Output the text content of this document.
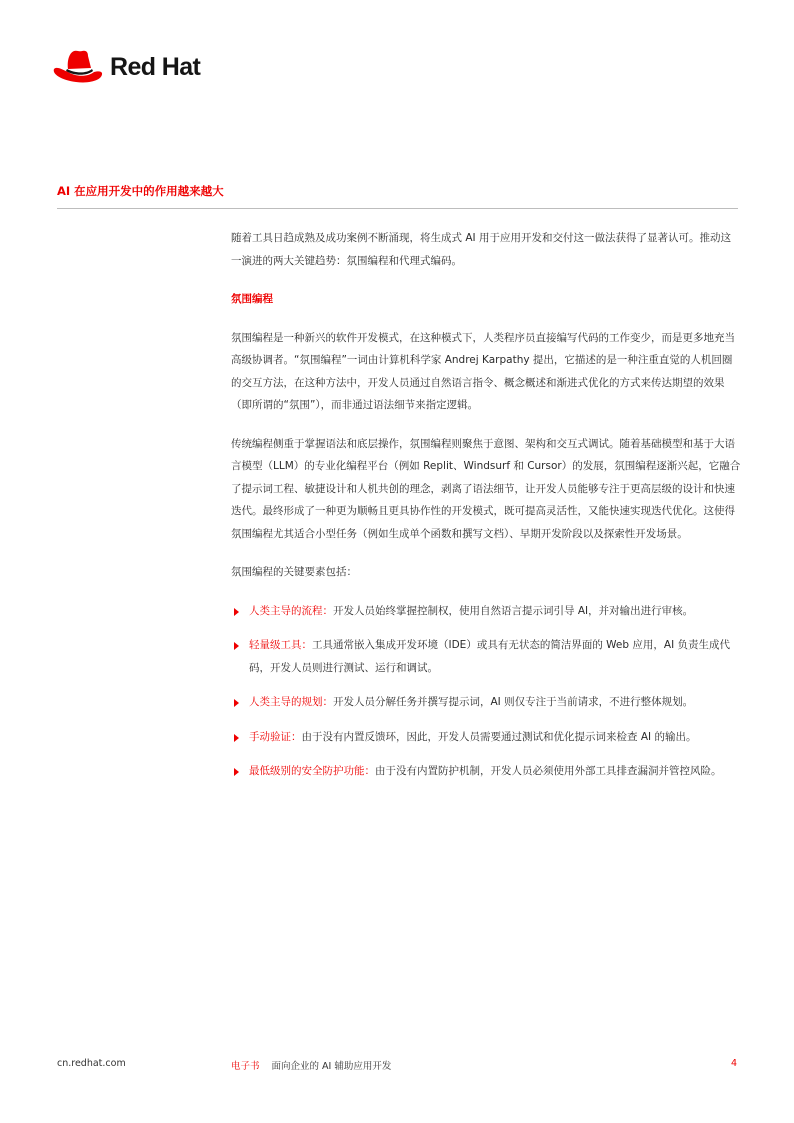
Red Hat
AI 在应用开发中的作用越来越大

随着工具日趋成熟及成功案例不断涌现，将生成式 AI 用于应用开发和交付这一做法获得了显著认可。推动这一演进的两大关键趋势：氛围编程和代理式编码。

氛围编程

氛围编程是一种新兴的软件开发模式，在这种模式下，人类程序员直接编写代码的工作变少，而是更多地充当高级协调者。“氛围编程”一词由计算机科学家 Andrej Karpathy 提出，它描述的是一种注重直觉的人机回圈的交互方法，在这种方法中，开发人员通过自然语言指令、概念概述和渐进式优化的方式来传达期望的效果（即所谓的“氛围”），而非通过语法细节来指定逻辑。

传统编程侧重于掌握语法和底层操作，氛围编程则聚焦于意图、架构和交互式调试。随着基础模型和基于大语言模型（LLM）的专业化编程平台（例如 Replit、Windsurf 和 Cursor）的发展，氛围编程逐渐兴起，它融合了提示词工程、敏捷设计和人机共创的理念，剥离了语法细节，让开发人员能够专注于更高层级的设计和快速迭代。最终形成了一种更为顺畅且更具协作性的开发模式，既可提高灵活性，又能快速实现迭代优化。这使得氛围编程尤其适合小型任务（例如生成单个函数和撰写文档）、早期开发阶段以及探索性开发场景。

氛围编程的关键要素包括：

人类主导的流程：开发人员始终掌握控制权，使用自然语言提示词引导 AI，并对输出进行审核。
轻量级工具：工具通常嵌入集成开发环境（IDE）或具有无状态的简洁界面的 Web 应用，AI 负责生成代码，开发人员则进行测试、运行和调试。
人类主导的规划：开发人员分解任务并撰写提示词，AI 则仅专注于当前请求，不进行整体规划。
手动验证：由于没有内置反馈环，因此，开发人员需要通过测试和优化提示词来检查 AI 的输出。
最低级别的安全防护功能：由于没有内置防护机制，开发人员必须使用外部工具排查漏洞并管控风险。
cn.redhat.com	电子书 面向企业的 AI 辅助应用开发	4
